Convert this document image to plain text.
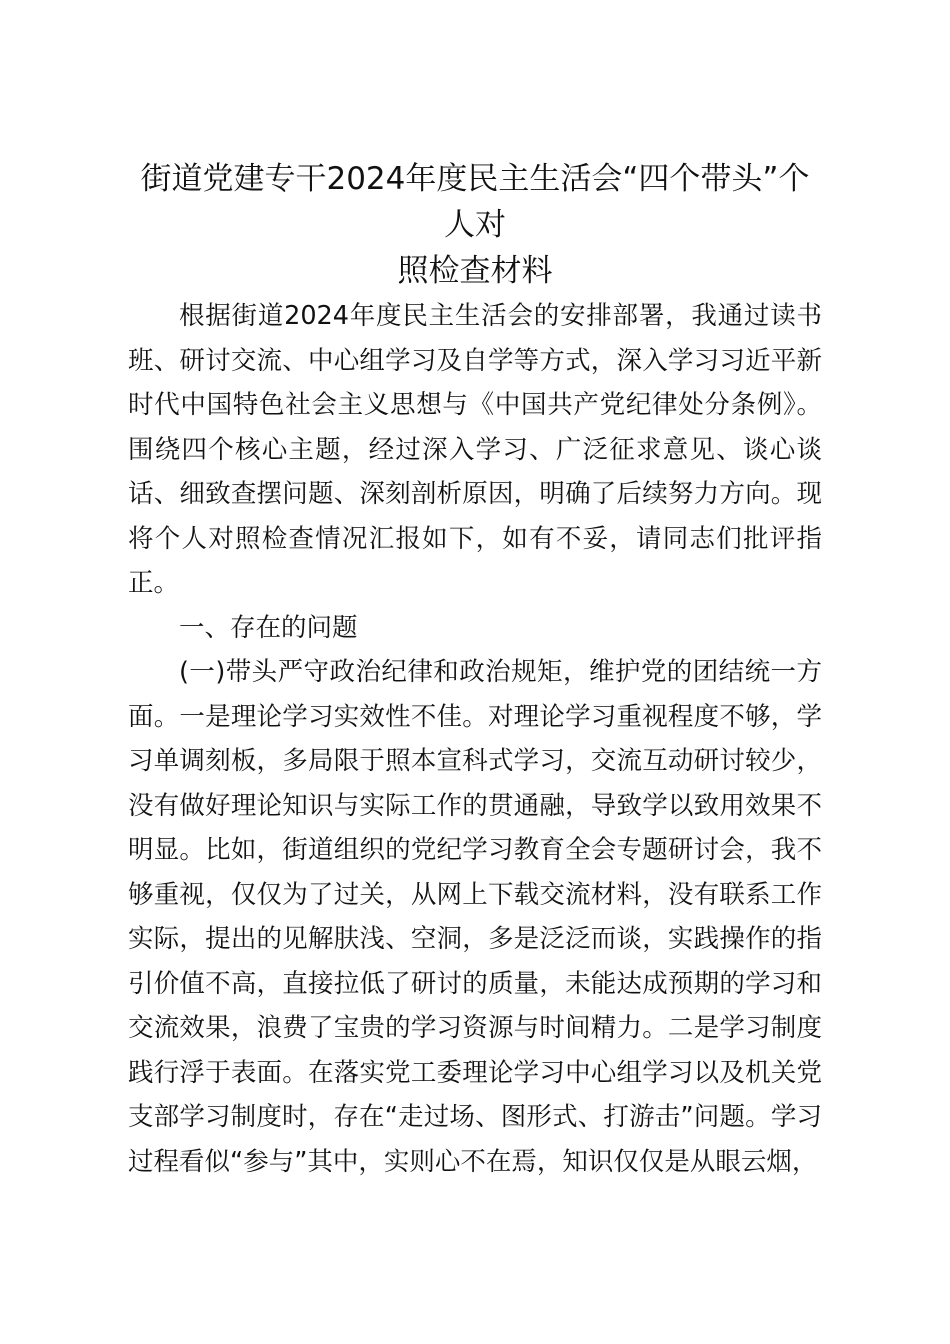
街道党建专干2024年度民主生活会“四个带头”个人对
照检查材料

根据街道2024年度民主生活会的安排部署，我通过读书班、研讨交流、中心组学习及自学等方式，深入学习习近平新时代中国特色社会主义思想与《中国共产党纪律处分条例》。围绕四个核心主题，经过深入学习、广泛征求意见、谈心谈话、细致查摆问题、深刻剖析原因，明确了后续努力方向。现将个人对照检查情况汇报如下，如有不妥，请同志们批评指正。

一、存在的问题

(一)带头严守政治纪律和政治规矩，维护党的团结统一方面。一是理论学习实效性不佳。对理论学习重视程度不够，学习单调刻板，多局限于照本宣科式学习，交流互动研讨较少，没有做好理论知识与实际工作的贯通融，导致学以致用效果不明显。比如，街道组织的党纪学习教育全会专题研讨会，我不够重视，仅仅为了过关，从网上下载交流材料，没有联系工作实际，提出的见解肤浅、空洞，多是泛泛而谈，实践操作的指引价值不高，直接拉低了研讨的质量，未能达成预期的学习和交流效果，浪费了宝贵的学习资源与时间精力。二是学习制度践行浮于表面。在落实党工委理论学习中心组学习以及机关党支部学习制度时，存在“走过场、图形式、打游击”问题。学习过程看似“参与”其中，实则心不在焉，知识仅仅是从眼云烟，
